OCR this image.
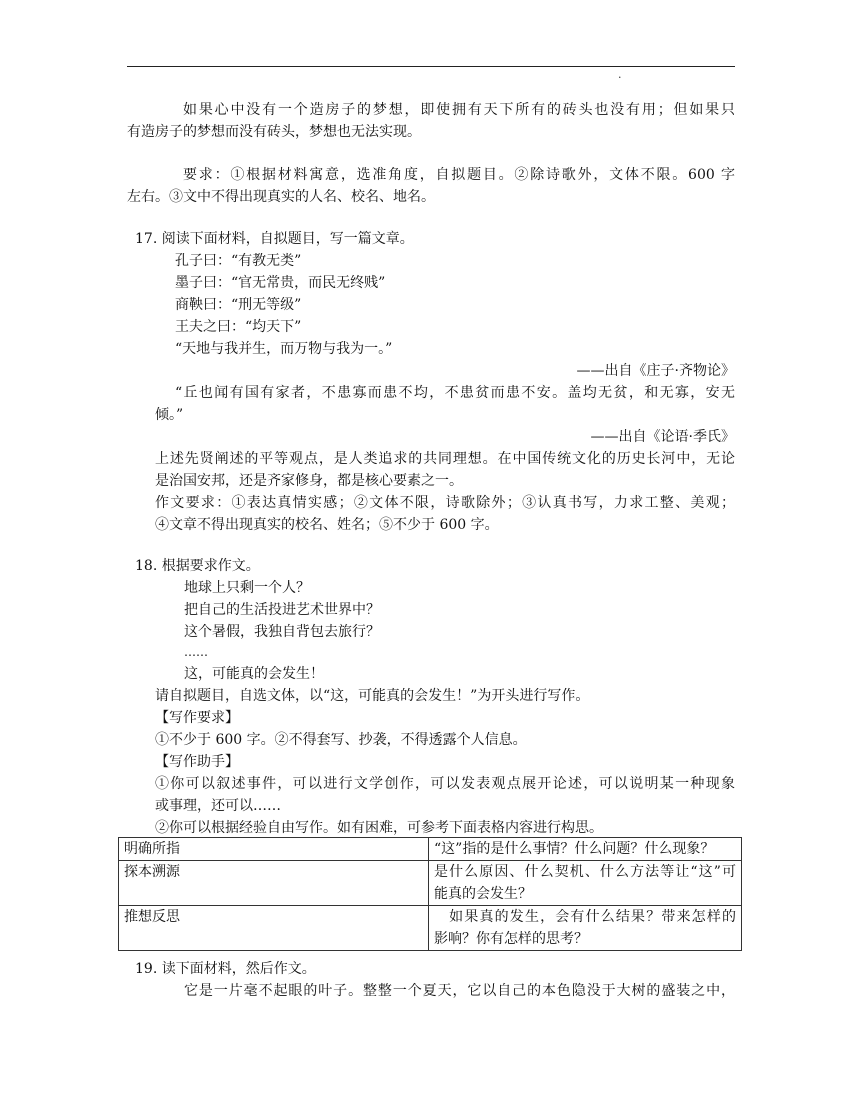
.
如果心中没有一个造房子的梦想，即使拥有天下所有的砖头也没有用；但如果只
有造房子的梦想而没有砖头，梦想也无法实现。
要求：①根据材料寓意，选准角度，自拟题目。②除诗歌外，文体不限。600 字
左右。③文中不得出现真实的人名、校名、地名。
17. 阅读下面材料，自拟题目，写一篇文章。
孔子曰：“有教无类”
墨子曰：“官无常贵，而民无终贱”
商鞅曰：“刑无等级”
王夫之曰：“均天下”
“天地与我并生，而万物与我为一。”
——出自《庄子·齐物论》
“丘也闻有国有家者，不患寡而患不均，不患贫而患不安。盖均无贫，和无寡，安无
倾。”
——出自《论语·季氏》
上述先贤阐述的平等观点，是人类追求的共同理想。在中国传统文化的历史长河中，无论
是治国安邦，还是齐家修身，都是核心要素之一。
作文要求：①表达真情实感；②文体不限，诗歌除外；③认真书写，力求工整、美观；
④文章不得出现真实的校名、姓名；⑤不少于 600 字。
18. 根据要求作文。
地球上只剩一个人？
把自己的生活投进艺术世界中？
这个暑假，我独自背包去旅行？
……
这，可能真的会发生！
请自拟题目，自选文体，以“这，可能真的会发生！”为开头进行写作。
【写作要求】
①不少于 600 字。②不得套写、抄袭，不得透露个人信息。
【写作助手】
①你可以叙述事件，可以进行文学创作，可以发表观点展开论述，可以说明某一种现象
或事理，还可以……
②你可以根据经验自由写作。如有困难，可参考下面表格内容进行构思。
明确所指	“这”指的是什么事情？什么问题？什么现象？
探本溯源	是什么原因、什么契机、什么方法等让“这”可
能真的会发生？

推想反思	　如果真的发生，会有什么结果？带来怎样的
影响？你有怎样的思考？
19. 读下面材料，然后作文。
它是一片毫不起眼的叶子。整整一个夏天，它以自己的本色隐没于大树的盛装之中，
